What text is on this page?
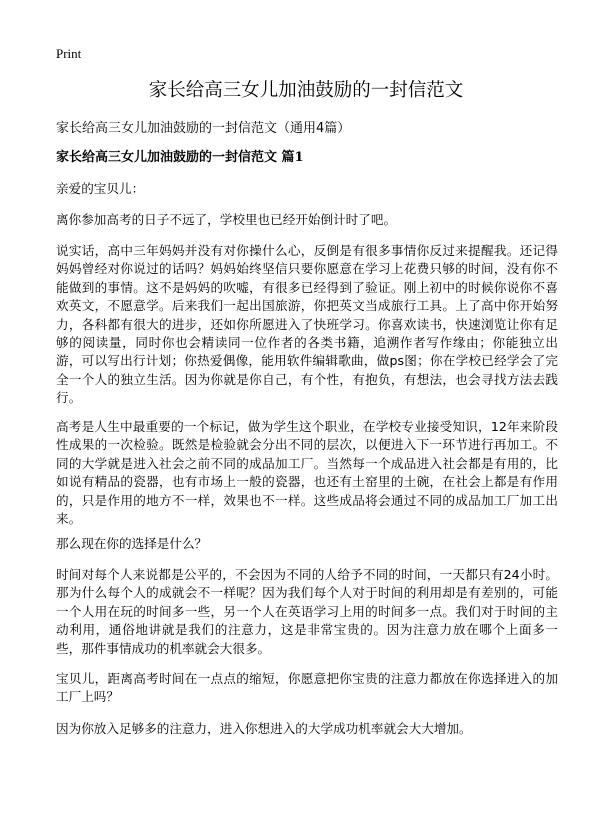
Print
家长给高三女儿加油鼓励的一封信范文
家长给高三女儿加油鼓励的一封信范文（通用4篇）
家长给高三女儿加油鼓励的一封信范文 篇1

亲爱的宝贝儿：

离你参加高考的日子不远了，学校里也已经开始倒计时了吧。

说实话，高中三年妈妈并没有对你操什么心，反倒是有很多事情你反过来提醒我。还记得妈妈曾经对你说过的话吗？妈妈始终坚信只要你愿意在学习上花费只够的时间，没有你不能做到的事情。这不是妈妈的吹嘘，有很多已经得到了验证。刚上初中的时候你说你不喜欢英文，不愿意学。后来我们一起出国旅游，你把英文当成旅行工具。上了高中你开始努力，各科都有很大的进步，还如你所愿进入了快班学习。你喜欢读书，快速浏览让你有足够的阅读量，同时你也会精读同一位作者的各类书籍，追溯作者写作缘由；你能独立出游，可以写出行计划；你热爱偶像，能用软件编辑歌曲，做ps图；你在学校已经学会了完全一个人的独立生活。因为你就是你自己，有个性，有抱负，有想法，也会寻找方法去践行。

高考是人生中最重要的一个标记，做为学生这个职业，在学校专业接受知识，12年来阶段性成果的一次检验。既然是检验就会分出不同的层次，以便进入下一环节进行再加工。不同的大学就是进入社会之前不同的成品加工厂。当然每一个成品进入社会都是有用的，比如说有精品的瓷器，也有市场上一般的瓷器，也还有土窑里的土碗，在社会上都是有作用的，只是作用的地方不一样，效果也不一样。这些成品将会通过不同的成品加工厂加工出来。

那么现在你的选择是什么？

时间对每个人来说都是公平的，不会因为不同的人给予不同的时间，一天都只有24小时。那为什么每个人的成就会不一样呢？因为我们每个人对于时间的利用却是有差别的，可能一个人用在玩的时间多一些，另一个人在英语学习上用的时间多一点。我们对于时间的主动利用，通俗地讲就是我们的注意力，这是非常宝贵的。因为注意力放在哪个上面多一些，那件事情成功的机率就会大很多。

宝贝儿，距离高考时间在一点点的缩短，你愿意把你宝贵的注意力都放在你选择进入的加工厂上吗？

因为你放入足够多的注意力，进入你想进入的大学成功机率就会大大增加。
